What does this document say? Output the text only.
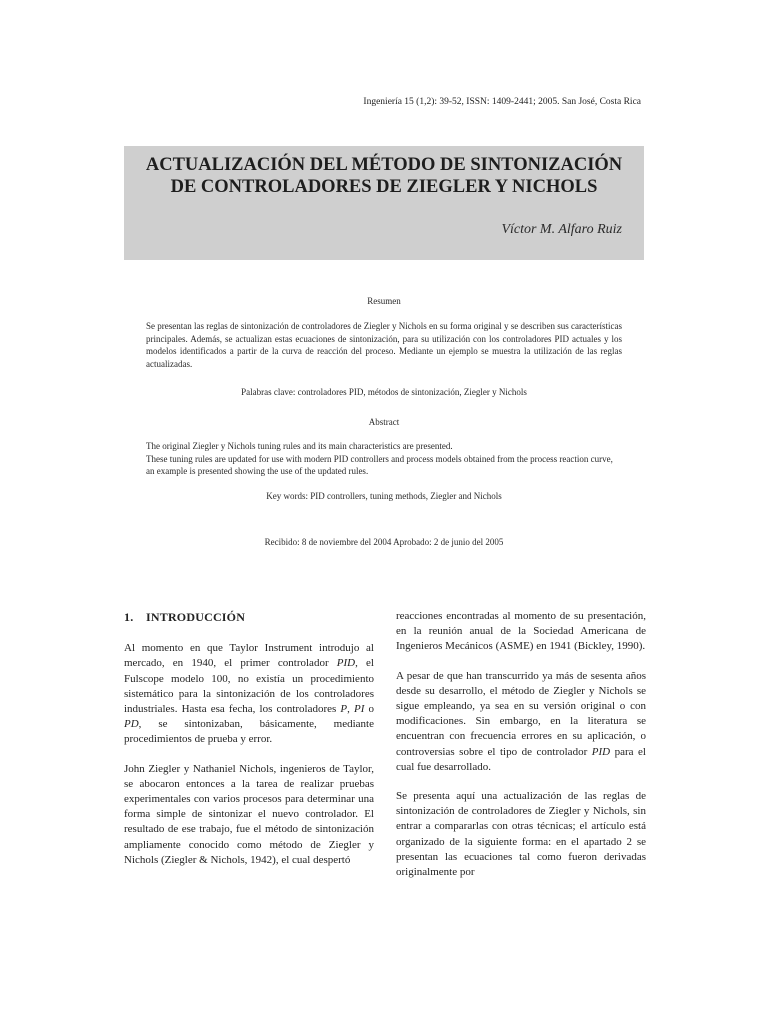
Ingeniería 15 (1,2): 39-52, ISSN: 1409-2441; 2005. San José, Costa Rica
ACTUALIZACIÓN DEL MÉTODO DE SINTONIZACIÓN
DE CONTROLADORES DE ZIEGLER Y NICHOLS
Víctor M. Alfaro Ruiz
Resumen
Se presentan las reglas de sintonización de controladores de Ziegler y Nichols en su forma original y se describen sus características principales. Además, se actualizan estas ecuaciones de sintonización, para su utilización con los controladores PID actuales y los modelos identificados a partir de la curva de reacción del proceso. Mediante un ejemplo se muestra la utilización de las reglas actualizadas.
Palabras clave: controladores PID, métodos de sintonización, Ziegler y Nichols
Abstract
The original Ziegler y Nichols tuning rules and its main characteristics are presented.
These tuning rules are updated for use with modern PID controllers and process models obtained from the process reaction curve, an example is presented showing the use of the updated rules.
Key words: PID controllers, tuning methods, Ziegler and Nichols
Recibido: 8 de noviembre del 2004 Aprobado: 2 de junio del 2005
1. INTRODUCCIÓN

Al momento en que Taylor Instrument introdujo al mercado, en 1940, el primer controlador PID, el Fulscope modelo 100, no existía un procedimiento sistemático para la sintonización de los controladores industriales. Hasta esa fecha, los controladores P, PI o PD, se sintonizaban, básicamente, mediante procedimientos de prueba y error.

John Ziegler y Nathaniel Nichols, ingenieros de Taylor, se abocaron entonces a la tarea de realizar pruebas experimentales con varios procesos para determinar una forma simple de sintonizar el nuevo controlador. El resultado de ese trabajo, fue el método de sintonización ampliamente conocido como método de Ziegler y Nichols (Ziegler & Nichols, 1942), el cual despertó

reacciones encontradas al momento de su presentación, en la reunión anual de la Sociedad Americana de Ingenieros Mecánicos (ASME) en 1941 (Bickley, 1990).

A pesar de que han transcurrido ya más de sesenta años desde su desarrollo, el método de Ziegler y Nichols se sigue empleando, ya sea en su versión original o con modificaciones. Sin embargo, en la literatura se encuentran con frecuencia errores en su aplicación, o controversias sobre el tipo de controlador PID para el cual fue desarrollado.

Se presenta aquí una actualización de las reglas de sintonización de controladores de Ziegler y Nichols, sin entrar a compararlas con otras técnicas; el artículo está organizado de la siguiente forma: en el apartado 2 se presentan las ecuaciones tal como fueron derivadas originalmente por
